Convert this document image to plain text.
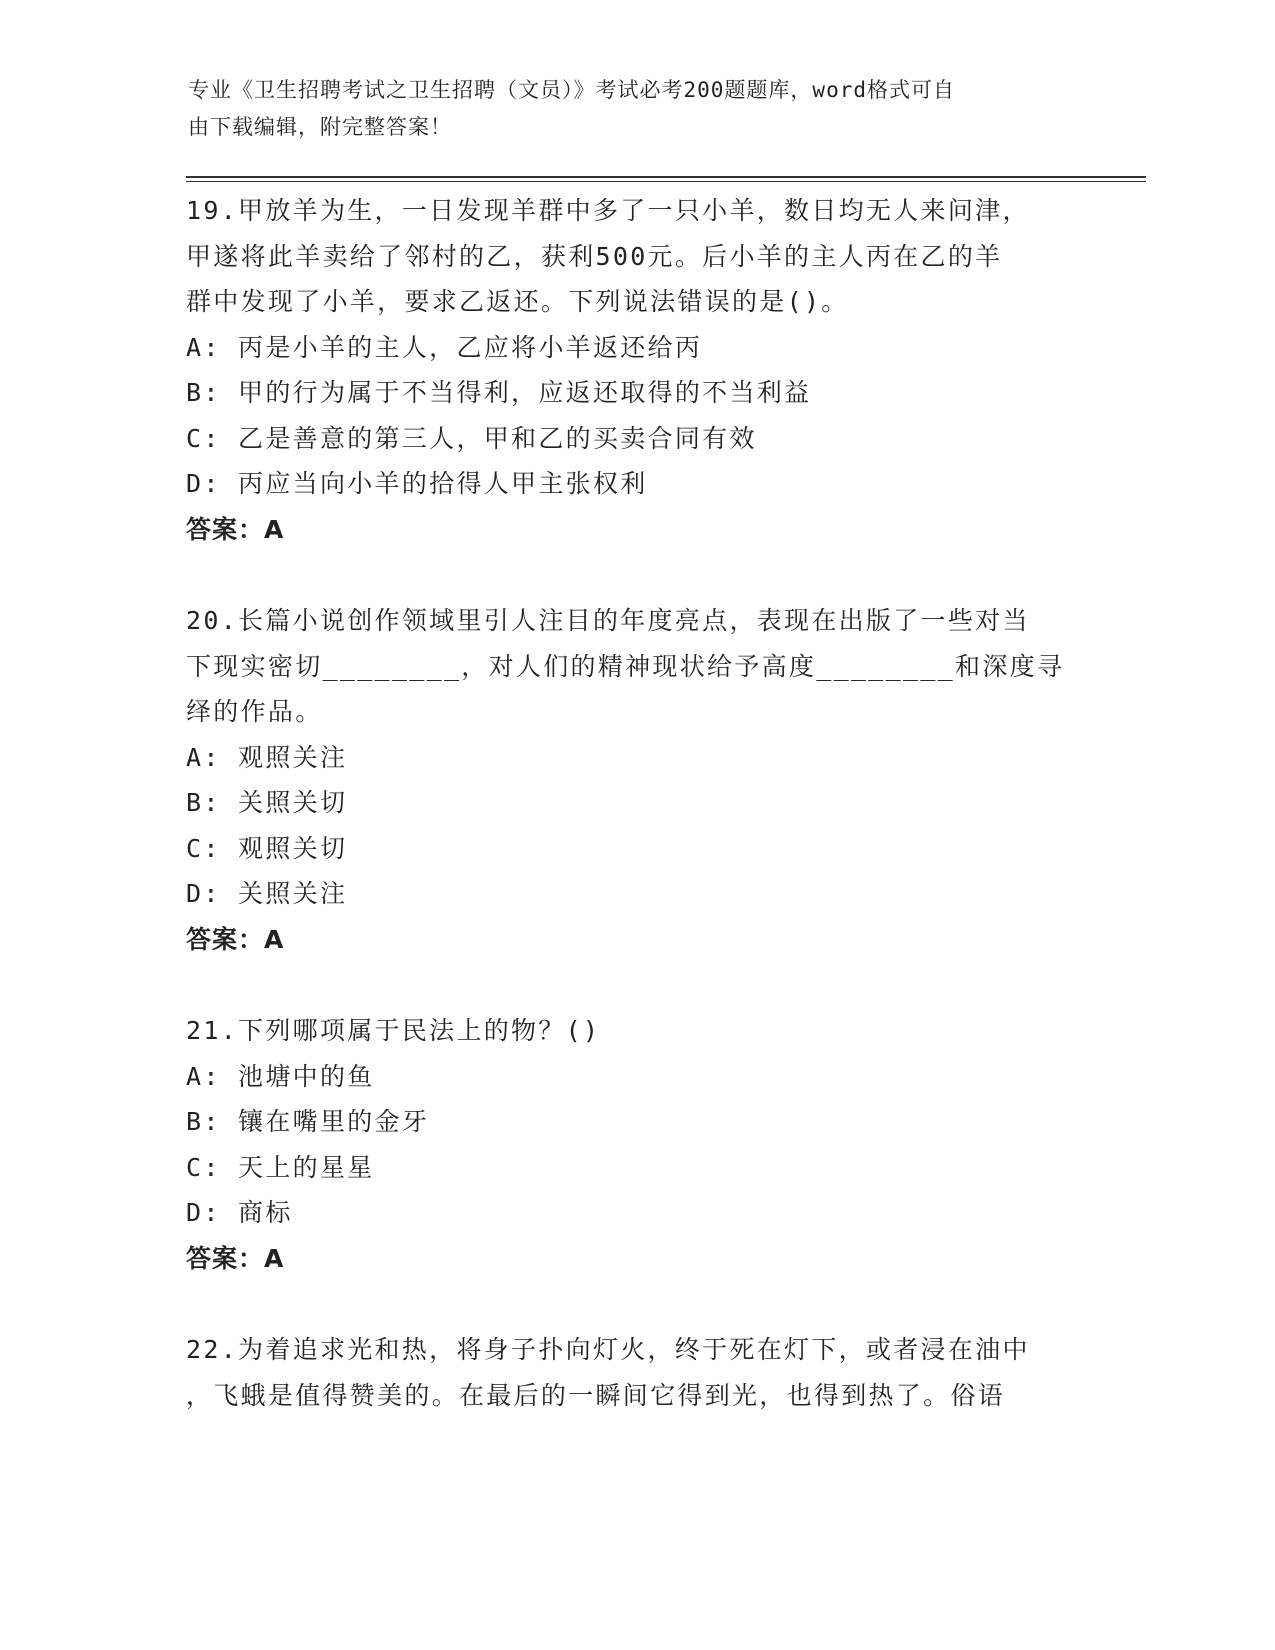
专业《卫生招聘考试之卫生招聘（文员）》考试必考200题题库，word格式可自
由下载编辑，附完整答案！
19.甲放羊为生，一日发现羊群中多了一只小羊，数日均无人来问津，
甲遂将此羊卖给了邻村的乙，获利500元。后小羊的主人丙在乙的羊
群中发现了小羊，要求乙返还。下列说法错误的是()。
A: 丙是小羊的主人，乙应将小羊返还给丙
B: 甲的行为属于不当得利，应返还取得的不当利益
C: 乙是善意的第三人，甲和乙的买卖合同有效
D: 丙应当向小羊的拾得人甲主张权利
答案：A
20.长篇小说创作领域里引人注目的年度亮点，表现在出版了一些对当
下现实密切________，对人们的精神现状给予高度________和深度寻
绎的作品。
A: 观照关注
B: 关照关切
C: 观照关切
D: 关照关注
答案：A
21.下列哪项属于民法上的物？()
A: 池塘中的鱼
B: 镶在嘴里的金牙
C: 天上的星星
D: 商标
答案：A
22.为着追求光和热，将身子扑向灯火，终于死在灯下，或者浸在油中
，飞蛾是值得赞美的。在最后的一瞬间它得到光，也得到热了。俗语
